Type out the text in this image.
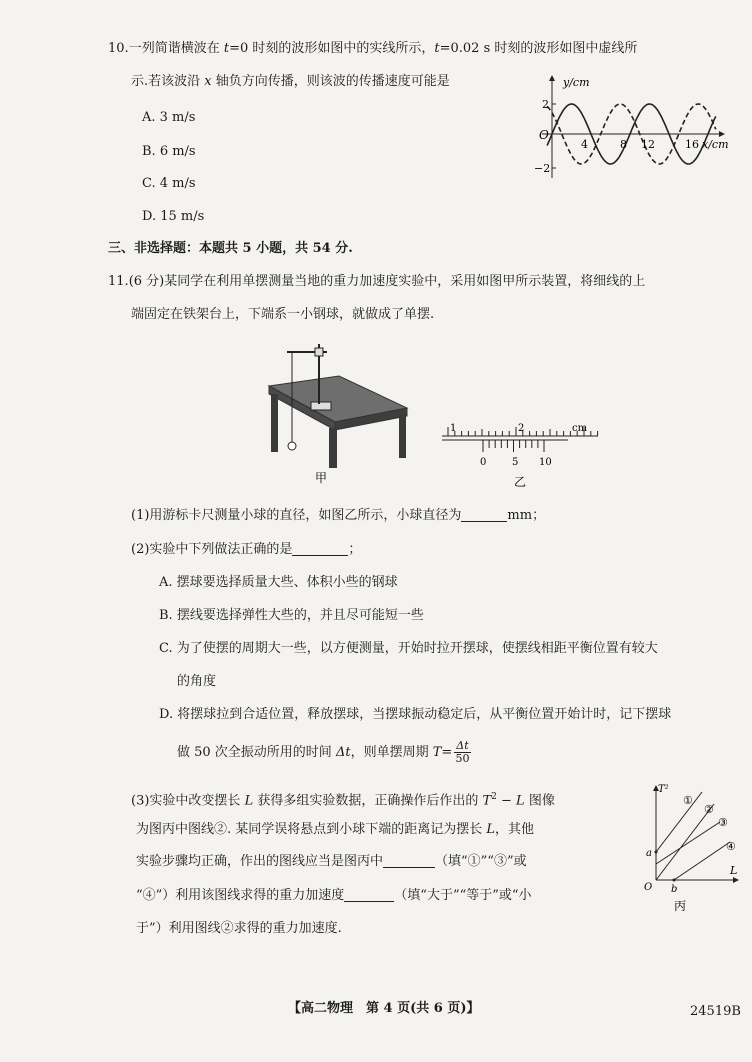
10.一列简谐横波在 t=0 时刻的波形如图中的实线所示，t=0.02 s 时刻的波形如图中虚线所
示.若该波沿 x 轴负方向传播，则该波的传播速度可能是
A. 3 m/s
B. 6 m/s
C. 4 m/s
D. 15 m/s
y/cm
x/cm
O
2
−2
4	8 12	16
三、非选择题：本题共 5 小题，共 54 分.
11.(6 分)某同学在利用单摆测量当地的重力加速度实验中，采用如图甲所示装置，将细线的上
端固定在铁架台上，下端系一小钢球，就做成了单摆.
甲
1	2	cm
0	5 10
乙
(1)用游标卡尺测量小球的直径，如图乙所示，小球直径为	mm；
(2)实验中下列做法正确的是	；
A. 摆球要选择质量大些、体积小些的钢球
B. 摆线要选择弹性大些的，并且尽可能短一些
C. 为了使摆的周期大一些，以方便测量，开始时拉开摆球，使摆线相距平衡位置有较大
的角度
D. 将摆球拉到合适位置，释放摆球，当摆球振动稳定后，从平衡位置开始计时，记下摆球
做 50 次全振动所用的时间 Δt，则单摆周期 $T= \frac{\Delta t}{50}$
(3)实验中改变摆长 L 获得多组实验数据，正确操作后作出的 $T^2 - L$ 图像
为图丙中图线②. 某同学误将悬点到小球下端的距离记为摆长 L，其他
实验步骤均正确，作出的图线应当是图丙中	（填“①”“③”或
“④”）利用该图线求得的重力加速度	（填“大于”“等于”或“小
于”）利用图线②求得的重力加速度.
T²
L
O
a
b
①
②
③
④
丙
【高二物理　第 4 页(共 6 页)】	24519B
